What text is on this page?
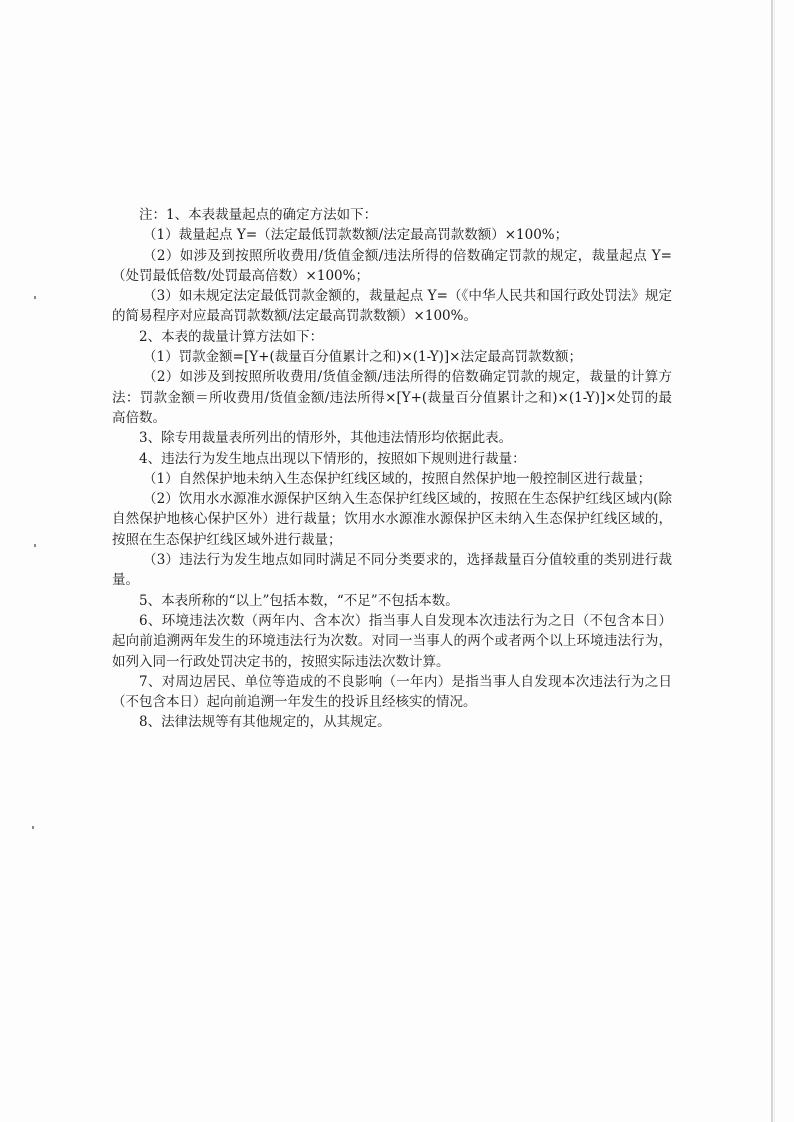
注：1、本表裁量起点的确定方法如下：

（1）裁量起点 Y=（法定最低罚款数额/法定最高罚款数额）×100%；

（2）如涉及到按照所收费用/货值金额/违法所得的倍数确定罚款的规定，裁量起点 Y=（处罚最低倍数/处罚最高倍数）×100%；

（3）如未规定法定最低罚款金额的，裁量起点 Y=（《中华人民共和国行政处罚法》规定的简易程序对应最高罚款数额/法定最高罚款数额）×100%。

2、本表的裁量计算方法如下：

（1）罚款金额=[Y+(裁量百分值累计之和)×(1-Y)]×法定最高罚款数额；

（2）如涉及到按照所收费用/货值金额/违法所得的倍数确定罚款的规定，裁量的计算方法：罚款金额＝所收费用/货值金额/违法所得×[Y+(裁量百分值累计之和)×(1-Y)]×处罚的最高倍数。

3、除专用裁量表所列出的情形外，其他违法情形均依据此表。

4、违法行为发生地点出现以下情形的，按照如下规则进行裁量：

（1）自然保护地未纳入生态保护红线区域的，按照自然保护地一般控制区进行裁量；

（2）饮用水水源准水源保护区纳入生态保护红线区域的，按照在生态保护红线区域内(除自然保护地核心保护区外）进行裁量；饮用水水源准水源保护区未纳入生态保护红线区域的，按照在生态保护红线区域外进行裁量；

（3）违法行为发生地点如同时满足不同分类要求的，选择裁量百分值较重的类别进行裁量。

5、本表所称的“以上”包括本数，“不足”不包括本数。

6、环境违法次数（两年内、含本次）指当事人自发现本次违法行为之日（不包含本日）起向前追溯两年发生的环境违法行为次数。对同一当事人的两个或者两个以上环境违法行为，如列入同一行政处罚决定书的，按照实际违法次数计算。

7、对周边居民、单位等造成的不良影响（一年内）是指当事人自发现本次违法行为之日（不包含本日）起向前追溯一年发生的投诉且经核实的情况。

8、法律法规等有其他规定的，从其规定。
